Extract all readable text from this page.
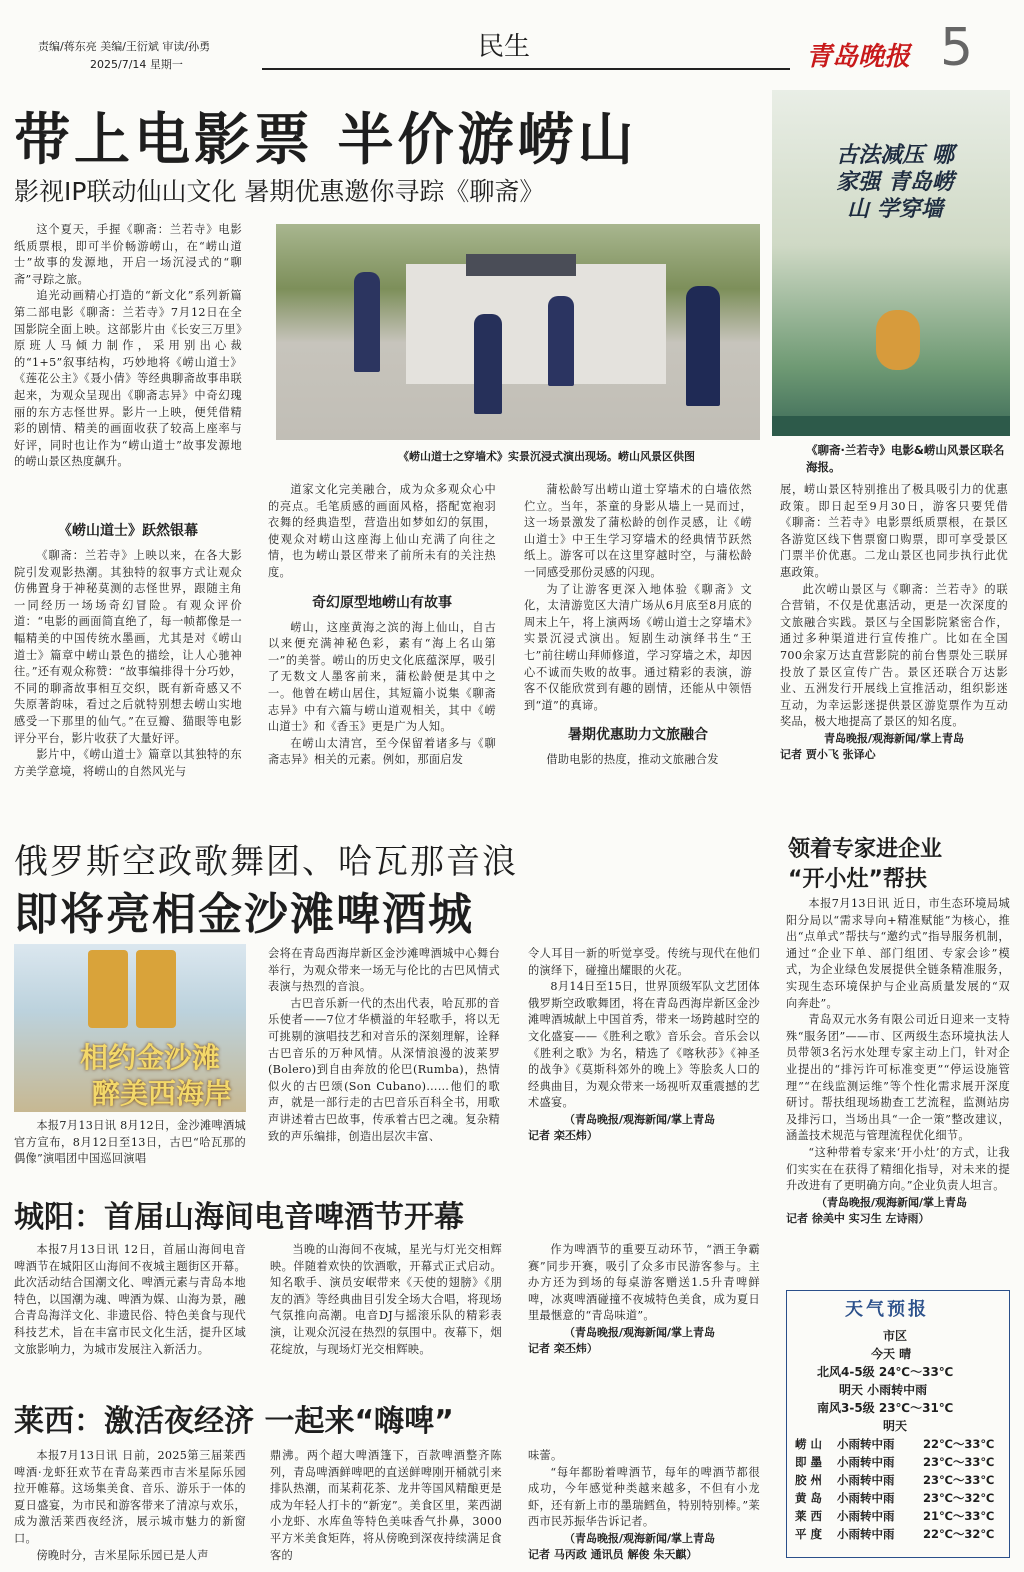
责编/蒋东亮 美编/王衍斌 审读/孙勇
2025/7/14 星期一
民生	青岛晚报 5
带上电影票 半价游崂山
影视IP联动仙山文化 暑期优惠邀你寻踪《聊斋》

这个夏天，手握《聊斋：兰若寺》电影纸质票根，即可半价畅游崂山，在“崂山道士”故事的发源地，开启一场沉浸式的“聊斋”寻踪之旅。

追光动画精心打造的“新文化”系列新篇第二部电影《聊斋：兰若寺》7月12日在全国影院全面上映。这部影片由《长安三万里》原班人马倾力制作，采用别出心裁的“1+5”叙事结构，巧妙地将《崂山道士》《莲花公主》《聂小倩》等经典聊斋故事串联起来，为观众呈现出《聊斋志异》中奇幻瑰丽的东方志怪世界。影片一上映，便凭借精彩的剧情、精美的画面收获了较高上座率与好评，同时也让作为“崂山道士”故事发源地的崂山景区热度飙升。	《崂山道士之穿墙术》实景沉浸式演出现场。崂山风景区供图
《崂山道士》跃然银幕

《聊斋：兰若寺》上映以来，在各大影院引发观影热潮。其独特的叙事方式让观众仿佛置身于神秘莫测的志怪世界，跟随主角一同经历一场场奇幻冒险。有观众评价道：“电影的画面简直绝了，每一帧都像是一幅精美的中国传统水墨画，尤其是对《崂山道士》篇章中崂山景色的描绘，让人心驰神往。”还有观众称赞：“故事编排得十分巧妙，不同的聊斋故事相互交织，既有新奇感又不失原著韵味，看过之后就特别想去崂山实地感受一下那里的仙气。”在豆瓣、猫眼等电影评分平台，影片收获了大量好评。

影片中，《崂山道士》篇章以其独特的东方美学意境，将崂山的自然风光与

道家文化完美融合，成为众多观众心中的亮点。毛笔质感的画面风格，搭配宽袍羽衣舞的经典造型，营造出如梦如幻的氛围，使观众对崂山这座海上仙山充满了向往之情，也为崂山景区带来了前所未有的关注热度。

奇幻原型地崂山有故事

崂山，这座黄海之滨的海上仙山，自古以来便充满神秘色彩，素有“海上名山第一”的美誉。崂山的历史文化底蕴深厚，吸引了无数文人墨客前来，蒲松龄便是其中之一。他曾在崂山居住，其短篇小说集《聊斋志异》中有六篇与崂山道观相关，其中《崂山道士》和《香玉》更是广为人知。

在崂山太清宫，至今保留着诸多与《聊斋志异》相关的元素。例如，那面启发

蒲松龄写出崂山道士穿墙术的白墙依然伫立。当年，茶童的身影从墙上一晃而过，这一场景激发了蒲松龄的创作灵感，让《崂山道士》中王生学习穿墙术的经典情节跃然纸上。游客可以在这里穿越时空，与蒲松龄一同感受那份灵感的闪现。

为了让游客更深入地体验《聊斋》文化，太清游览区大清广场从6月底至8月底的周末上午，将上演两场《崂山道士之穿墙术》实景沉浸式演出。短剧生动演绎书生“王七”前往崂山拜师修道，学习穿墙之术，却因心不诚而失败的故事。通过精彩的表演，游客不仅能欣赏到有趣的剧情，还能从中领悟到“道”的真谛。

暑期优惠助力文旅融合

借助电影的热度，推动文旅融合发

古法减压 哪家强 青岛崂山 学穿墙
《聊斋·兰若寺》电影&崂山风景区联名海报。

展，崂山景区特别推出了极具吸引力的优惠政策。即日起至9月30日，游客只要凭借《聊斋：兰若寺》电影票纸质票根，在景区各游览区线下售票窗口购票，即可享受景区门票半价优惠。二龙山景区也同步执行此优惠政策。

此次崂山景区与《聊斋：兰若寺》的联合营销，不仅是优惠活动，更是一次深度的文旅融合实践。景区与全国影院紧密合作，通过多种渠道进行宣传推广。比如在全国700余家万达直营影院的前台售票处三联屏投放了景区宣传广告。景区还联合万达影业、五洲发行开展线上宣推活动，组织影迷互动，为幸运影迷提供景区游览票作为互动奖品，极大地提高了景区的知名度。

青岛晚报/观海新闻/掌上青岛
记者 贾小飞 张译心
俄罗斯空政歌舞团、哈瓦那音浪
即将亮相金沙滩啤酒城
相约金沙滩
醉美西海岸

本报7月13日讯 8月12日，金沙滩啤酒城官方宣布，8月12日至13日，古巴“哈瓦那的偶像”演唱团中国巡回演唱

会将在青岛西海岸新区金沙滩啤酒城中心舞台举行，为观众带来一场无与伦比的古巴风情式表演与热烈的音浪。

古巴音乐新一代的杰出代表，哈瓦那的音乐使者——7位才华横溢的年轻歌手，将以无可挑剔的演唱技艺和对音乐的深刻理解，诠释古巴音乐的万种风情。从深情浪漫的波莱罗(Bolero)到自由奔放的伦巴(Rumba)，热情似火的古巴颂(Son Cubano)……他们的歌声，就是一部行走的古巴音乐百科全书，用歌声讲述着古巴故事，传承着古巴之魂。复杂精致的声乐编排，创造出层次丰富、

令人耳目一新的听觉享受。传统与现代在他们的演绎下，碰撞出耀眼的火花。

8月14日至15日，世界顶级军队文艺团体俄罗斯空政歌舞团，将在青岛西海岸新区金沙滩啤酒城献上中国首秀，带来一场跨越时空的文化盛宴——《胜利之歌》音乐会。音乐会以《胜利之歌》为名，精选了《喀秋莎》《神圣的战争》《莫斯科郊外的晚上》等脍炙人口的经典曲目，为观众带来一场视听双重震撼的艺术盛宴。

（青岛晚报/观海新闻/掌上青岛
记者 栾丕炜）
领着专家进企业
“开小灶”帮扶

本报7月13日讯 近日，市生态环境局城阳分局以“需求导向+精准赋能”为核心，推出“点单式”帮扶与“邀约式”指导服务机制，通过“企业下单、部门组团、专家会诊”模式，为企业绿色发展提供全链条精准服务，实现生态环境保护与企业高质量发展的“双向奔赴”。

青岛双元水务有限公司近日迎来一支特殊“服务团”——市、区两级生态环境执法人员带领3名污水处理专家主动上门，针对企业提出的“排污许可标准变更”“停运设施管理”“在线监测运维”等个性化需求展开深度研讨。帮扶组现场勘查工艺流程，监测站房及排污口，当场出具“一企一策”整改建议，涵盖技术规范与管理流程优化细节。

“这种带着专家来‘开小灶’的方式，让我们实实在在获得了精细化指导，对未来的提升改进有了更明确方向。”企业负责人坦言。

（青岛晚报/观海新闻/掌上青岛
记者 徐美中 实习生 左诗雨）
城阳：首届山海间电音啤酒节开幕

本报7月13日讯 12日，首届山海间电音啤酒节在城阳区山海间不夜城主题街区开幕。此次活动结合国潮文化、啤酒元素与青岛本地特色，以国潮为魂、啤酒为媒、山海为景，融合青岛海洋文化、非遗民俗、特色美食与现代科技艺术，旨在丰富市民文化生活，提升区域文旅影响力，为城市发展注入新活力。

当晚的山海间不夜城，星光与灯光交相辉映。伴随着欢快的饮酒歌，开幕式正式启动。知名歌手、演员安岷带来《天使的翅膀》《朋友的酒》等经典曲目引发全场大合唱，将现场气氛推向高潮。电音DJ与摇滚乐队的精彩表演，让观众沉浸在热烈的氛围中。夜幕下，烟花绽放，与现场灯光交相辉映。

作为啤酒节的重要互动环节，“酒王争霸赛”同步开赛，吸引了众多市民游客参与。主办方还为到场的每桌游客赠送1.5升青啤鲜啤，冰爽啤酒碰撞不夜城特色美食，成为夏日里最惬意的“青岛味道”。

（青岛晚报/观海新闻/掌上青岛
记者 栾丕炜）
莱西：激活夜经济 一起来“嗨啤”

本报7月13日讯 日前，2025第三届莱西啤酒·龙虾狂欢节在青岛莱西市吉米星际乐园拉开帷幕。这场集美食、音乐、游乐于一体的夏日盛宴，为市民和游客带来了清凉与欢乐，成为激活莱西夜经济，展示城市魅力的新窗口。

傍晚时分，吉米星际乐园已是人声

鼎沸。两个超大啤酒篷下，百款啤酒整齐陈列，青岛啤酒鲜啤吧的直送鲜啤刚开桶就引来排队热潮，而某莉花茶、龙井等国风精酿更是成为年轻人打卡的“新宠”。美食区里，莱西湖小龙虾、水库鱼等特色美味香气扑鼻，3000平方米美食矩阵，将从傍晚到深夜持续满足食客的

味蕾。

“每年都盼着啤酒节，每年的啤酒节都很成功，今年感觉种类越来越多，不但有小龙虾，还有新上市的墨瑞鳕鱼，特别特别棒。”莱西市民苏振华告诉记者。

（青岛晚报/观海新闻/掌上青岛
记者 马丙政 通讯员 解俊 朱天麒）
天气预报
市区
今天 晴
北风4-5级 24℃～33℃
明天 小雨转中雨
南风3-5级 23℃～31℃
明天
崂 山	小雨转中雨	22℃～33℃
即 墨	小雨转中雨	23℃～33℃
胶 州	小雨转中雨	23℃～33℃
黄 岛	小雨转中雨	23℃～32℃
莱 西	小雨转中雨	21℃～33℃
平 度	小雨转中雨	22℃～32℃
